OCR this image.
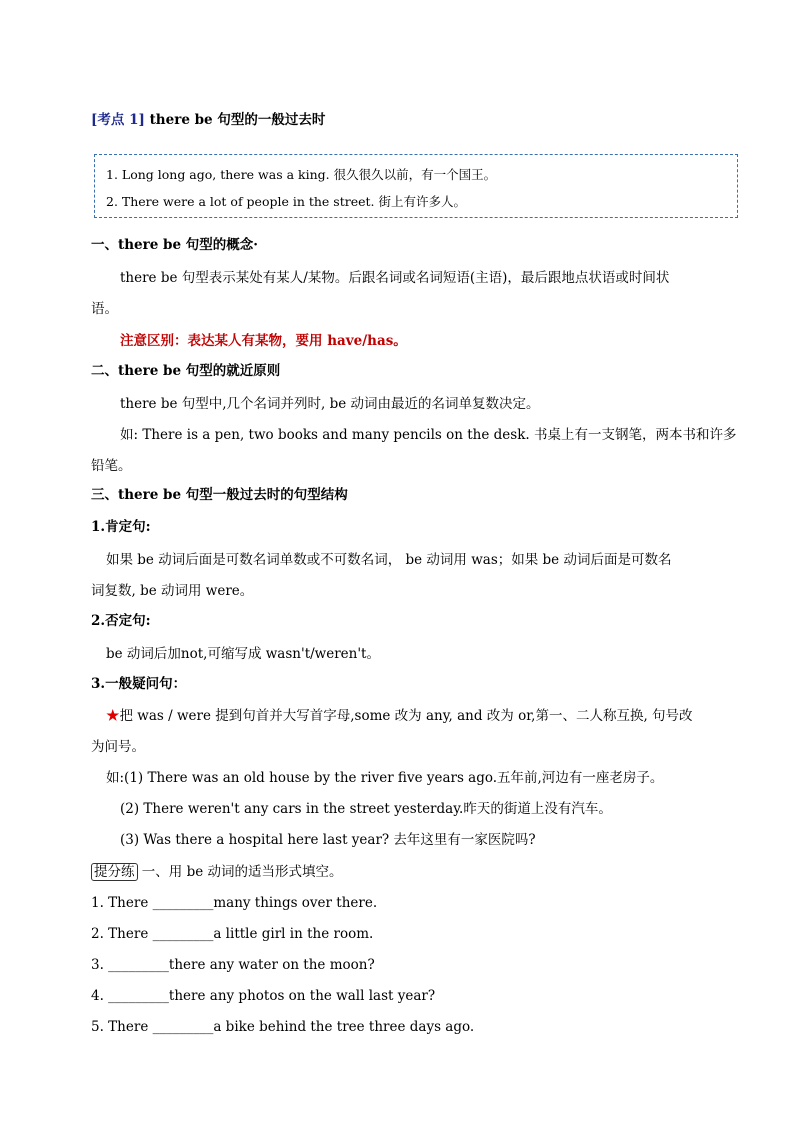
[考点 1] there be 句型的一般过去时
1. Long long ago, there was a king. 很久很久以前，有一个国王。
2. There were a lot of people in the street. 街上有许多人。
一、there be 句型的概念·
there be 句型表示某处有某人/某物。后跟名词或名词短语(主语)，最后跟地点状语或时间状
语。
注意区别：表达某人有某物，要用 have/has。
二、there be 句型的就近原则
there be 句型中,几个名词并列时, be 动词由最近的名词单复数决定。
如: There is a pen, two books and many pencils on the desk. 书桌上有一支钢笔，两本书和许多
铅笔。
三、there be 句型一般过去时的句型结构
1.肯定句:
如果 be 动词后面是可数名词单数或不可数名词， be 动词用 was；如果 be 动词后面是可数名
词复数, be 动词用 were。
2.否定句:
be 动词后加not,可缩写成 wasn't/weren't。
3.一般疑问句：
★把 was / were 提到句首并大写首字母,some 改为 any, and 改为 or,第一、二人称互换, 句号改
为问号。
如:(1) There was an old house by the river five years ago.五年前,河边有一座老房子。
(2) There weren't any cars in the street yesterday.昨天的街道上没有汽车。
(3) Was there a hospital here last year? 去年这里有一家医院吗?
提分练 一、用 be 动词的适当形式填空。
1. There _________many things over there.
2. There _________a little girl in the room.
3. _________there any water on the moon?
4. _________there any photos on the wall last year?
5. There _________a bike behind the tree three days ago.
